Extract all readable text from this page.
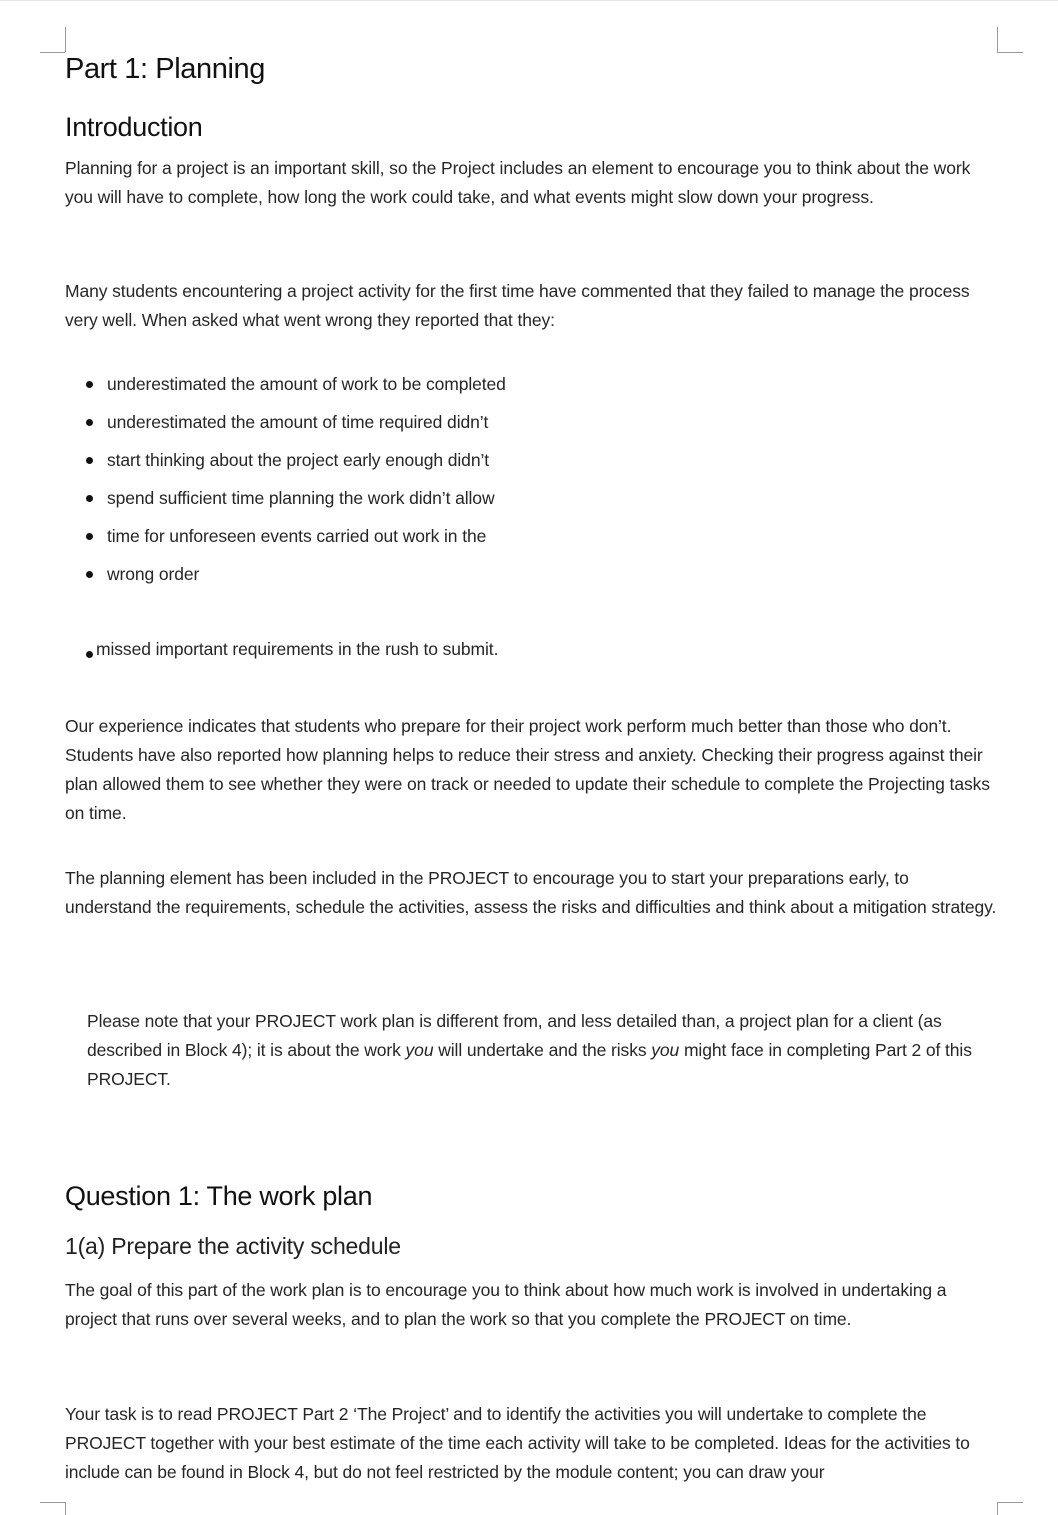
Part 1: Planning
Introduction

Planning for a project is an important skill, so the Project includes an element to encourage you to think about the work you will have to complete, how long the work could take, and what events might slow down your progress.

Many students encountering a project activity for the first time have commented that they failed to manage the process very well. When asked what went wrong they reported that they:

underestimated the amount of work to be completed
underestimated the amount of time required didn’t
start thinking about the project early enough didn’t
spend sufficient time planning the work didn’t allow
time for unforeseen events carried out work in the
wrong order
missed important requirements in the rush to submit.

Our experience indicates that students who prepare for their project work perform much better than those who don’t. Students have also reported how planning helps to reduce their stress and anxiety. Checking their progress against their plan allowed them to see whether they were on track or needed to update their schedule to complete the Projecting tasks on time.

The planning element has been included in the PROJECT to encourage you to start your preparations early, to understand the requirements, schedule the activities, assess the risks and difficulties and think about a mitigation strategy.

Please note that your PROJECT work plan is different from, and less detailed than, a project plan for a client (as described in Block 4); it is about the work you will undertake and the risks you might face in completing Part 2 of this PROJECT.

Question 1: The work plan
1(a) Prepare the activity schedule

The goal of this part of the work plan is to encourage you to think about how much work is involved in undertaking a project that runs over several weeks, and to plan the work so that you complete the PROJECT on time.

Your task is to read PROJECT Part 2 ‘The Project’ and to identify the activities you will undertake to complete the PROJECT together with your best estimate of the time each activity will take to be completed. Ideas for the activities to include can be found in Block 4, but do not feel restricted by the module content; you can draw your
